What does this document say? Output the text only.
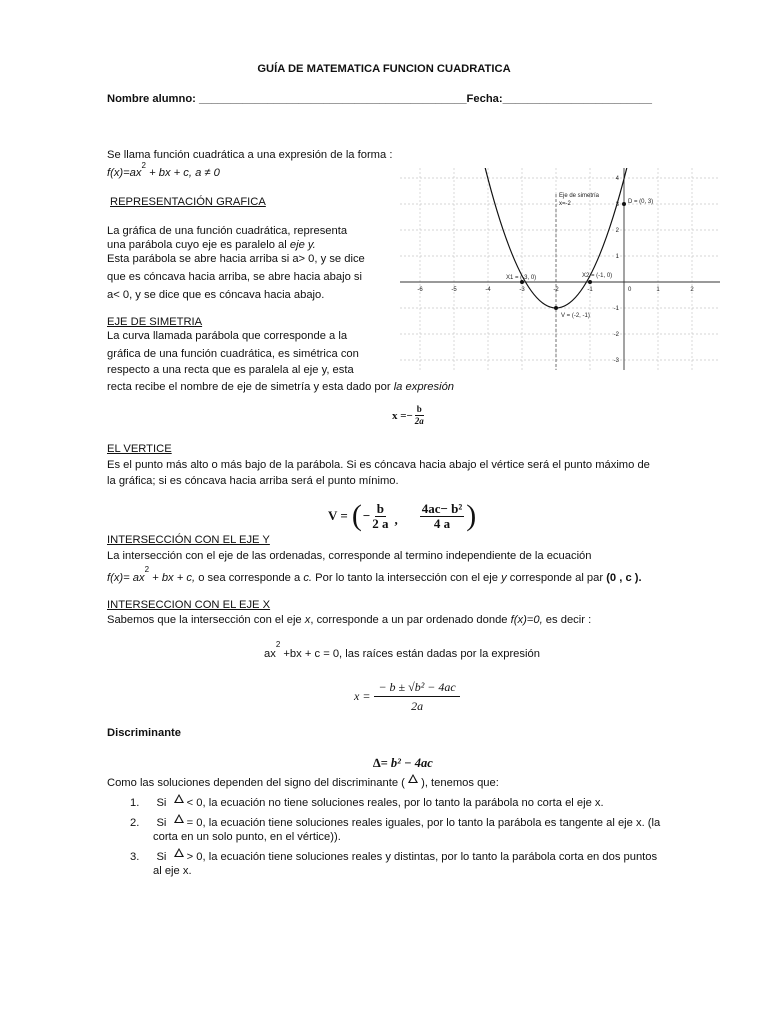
GUÍA DE MATEMATICA FUNCION CUADRATICA
Nombre alumno: ___________________________________________Fecha:________________________
Se llama función cuadrática a una expresión de la forma :
$f(x)=ax^2$ + bx + c, a ≠ 0
REPRESENTACIÓN GRAFICA
La gráfica de una función cuadrática, representa
una parábola cuyo eje es paralelo al eje y.
Esta parábola se abre hacia arriba si a> 0, y se dice
que es cóncava hacia arriba, se abre hacia abajo si
a< 0, y se dice que es cóncava hacia abajo.	-6	-5	-4	-3	-2	-1	0	1	2
4
3
2
1
-1
-2
-3
Eje de simetría
x=-2	D = (0, 3)
X1 = (-3, 0)	X2 = (-1, 0)
V = (-2, -1)
EJE DE SIMETRIA
La curva llamada parábola que corresponde a la
gráfica de una función cuadrática, es simétrica con
respecto a una recta que es paralela al eje y, esta
recta recibe el nombre de eje de simetría y esta dado por la expresión
$x =- \frac{b}{2a}$
EL VERTICE
Es el punto más alto o más bajo de la parábola. Si es cóncava hacia abajo el vértice será el punto máximo de
la gráfica; si es cóncava hacia arriba será el punto mínimo.
V = ( − $\frac{b}{2 a}$ , $\frac{\text{4ac− b²}}{4 a}$ )
INTERSECCIÓN CON EL EJE Y
La intersección con el eje de las ordenadas, corresponde al termino independiente de la ecuación
$f(x)= ax^2$ + bx + c, o sea corresponde a c. Por lo tanto la intersección con el eje y corresponde al par (0 , c ).
INTERSECCION CON EL EJE X
Sabemos que la intersección con el eje x, corresponde a un par ordenado donde f(x)=0, es decir :
$ax^2 +bx + c = 0$, las raíces están dadas por la expresión
$x = \frac{\text{− b ± √b² − 4ac}}{2a}$
Discriminante
∆= b² − 4ac
Como las soluciones dependen del signo del discriminante (  ), tenemos que:
1. Si  < 0, la ecuación no tiene soluciones reales, por lo tanto la parábola no corta el eje x.
2. Si  = 0, la ecuación tiene soluciones reales iguales, por lo tanto la parábola es tangente al eje x. (la
corta en un solo punto, en el vértice)).
3. Si  > 0, la ecuación tiene soluciones reales y distintas, por lo tanto la parábola corta en dos puntos
al eje x.
